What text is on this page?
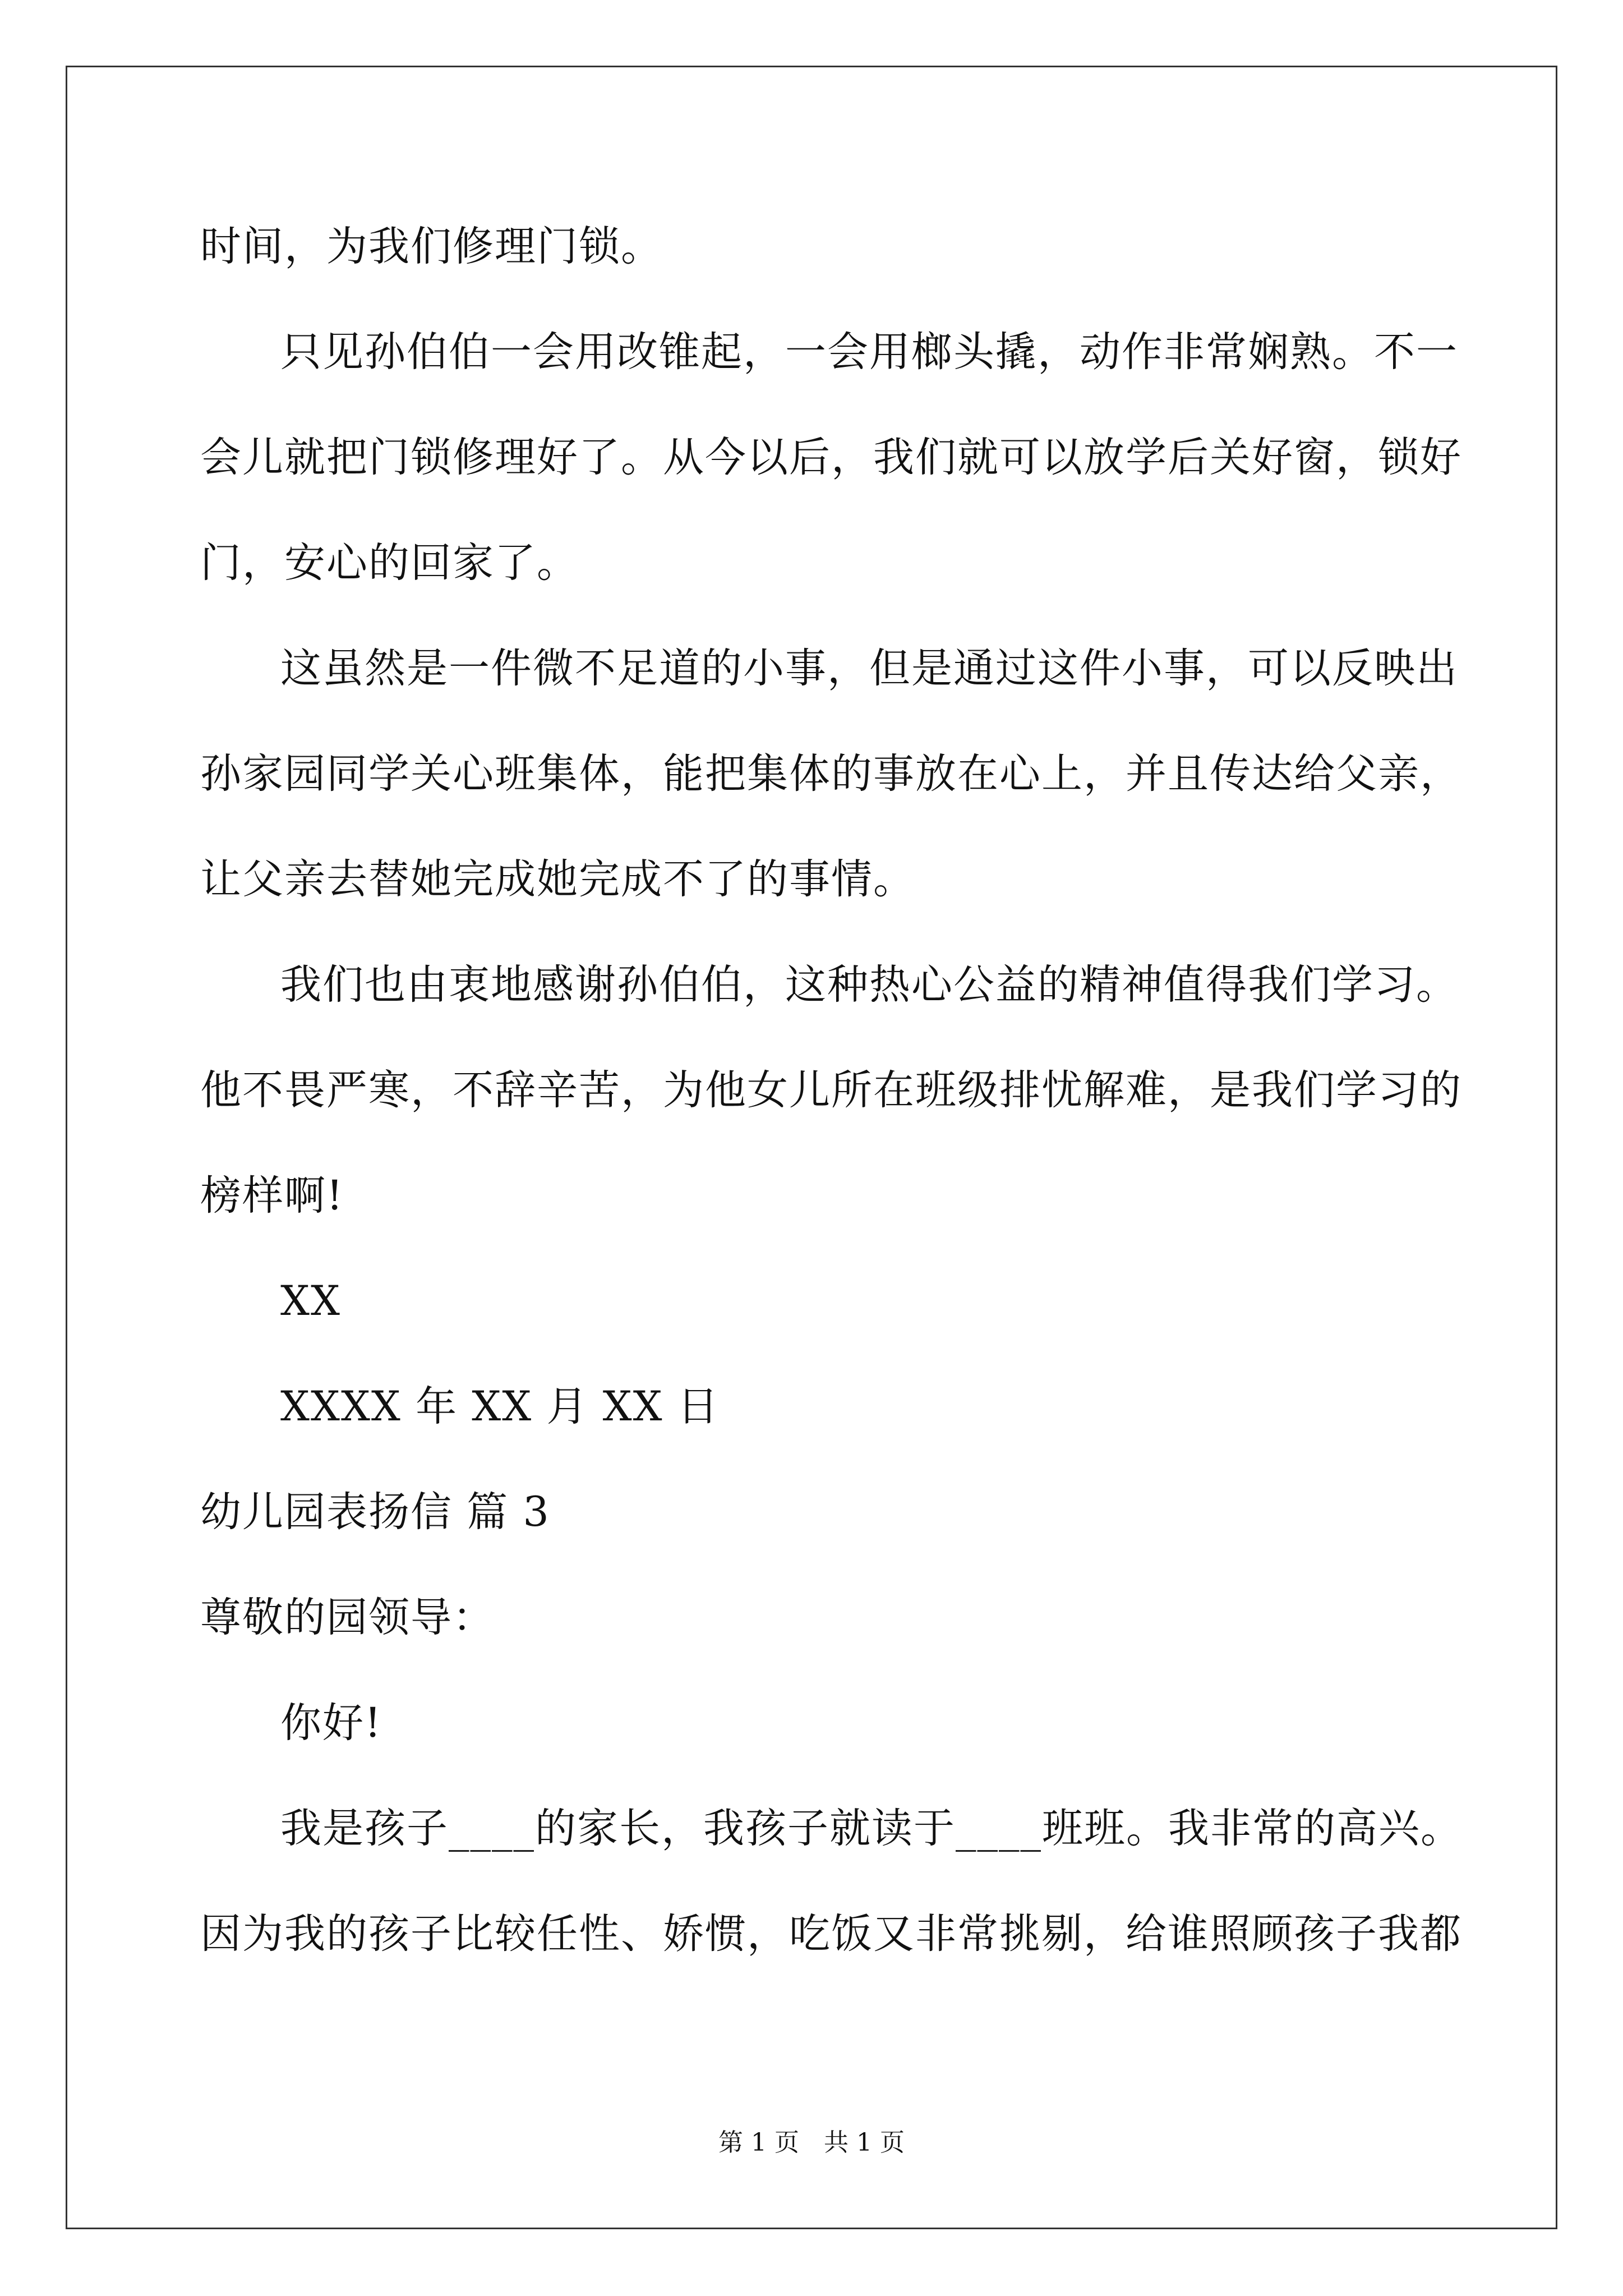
时间，为我们修理门锁。
只见孙伯伯一会用改锥起，一会用榔头撬，动作非常娴熟。不一
会儿就把门锁修理好了。从今以后，我们就可以放学后关好窗，锁好
门，安心的回家了。
这虽然是一件微不足道的小事，但是通过这件小事，可以反映出
孙家园同学关心班集体，能把集体的事放在心上，并且传达给父亲，
让父亲去替她完成她完成不了的事情。
我们也由衷地感谢孙伯伯，这种热心公益的精神值得我们学习。
他不畏严寒，不辞辛苦，为他女儿所在班级排忧解难，是我们学习的
榜样啊!
XX
XXXX 年 XX 月 XX 日
幼儿园表扬信 篇 3
尊敬的园领导：
你好!
我是孩子____的家长，我孩子就读于____班班。我非常的高兴。
因为我的孩子比较任性、娇惯，吃饭又非常挑剔，给谁照顾孩子我都
第 1 页　共 1 页
